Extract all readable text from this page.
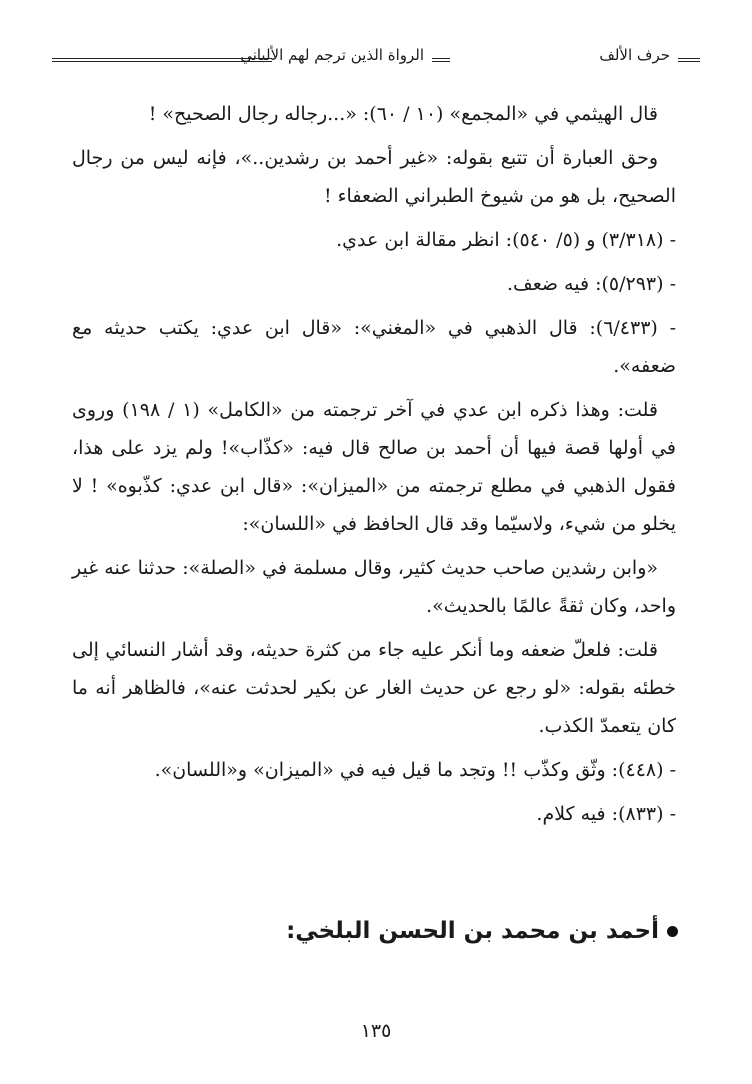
حرف الألف
الرواة الذين ترجم لهم الألباني

قال الهيثمي في «المجمع» (١٠ / ٦٠): «...رجاله رجال الصحيح» !

وحق العبارة أن تتبع بقوله: «غير أحمد بن رشدين..»، فإنه ليس من رجال الصحيح، بل هو من شيوخ الطبراني الضعفاء !

- (٣/٣١٨) و (٥/ ٥٤٠): انظر مقالة ابن عدي.

- (٥/٢٩٣): فيه ضعف.

- (٦/٤٣٣): قال الذهبي في «المغني»: «قال ابن عدي: يكتب حديثه مع ضعفه».

قلت: وهذا ذكره ابن عدي في آخر ترجمته من «الكامل» (١ / ١٩٨) وروى في أولها قصة فيها أن أحمد بن صالح قال فيه: «كذّاب»! ولم يزد على هذا، فقول الذهبي في مطلع ترجمته من «الميزان»: «قال ابن عدي: كذّبوه» ! لا يخلو من شيء، ولاسيّما وقد قال الحافظ في «اللسان»:

«وابن رشدين صاحب حديث كثير، وقال مسلمة في «الصلة»: حدثنا عنه غير واحد، وكان ثقةً عالمًا بالحديث».

قلت: فلعلّ ضعفه وما أنكر عليه جاء من كثرة حديثه، وقد أشار النسائي إلى خطئه بقوله: «لو رجع عن حديث الغار عن بكير لحدثت عنه»، فالظاهر أنه ما كان يتعمدّ الكذب.

- (٤٤٨): وثّق وكذّب !! وتجد ما قيل فيه في «الميزان» و«اللسان».

- (٨٣٣): فيه كلام.

أحمد بن محمد بن الحسن البلخي:
١٣٥
